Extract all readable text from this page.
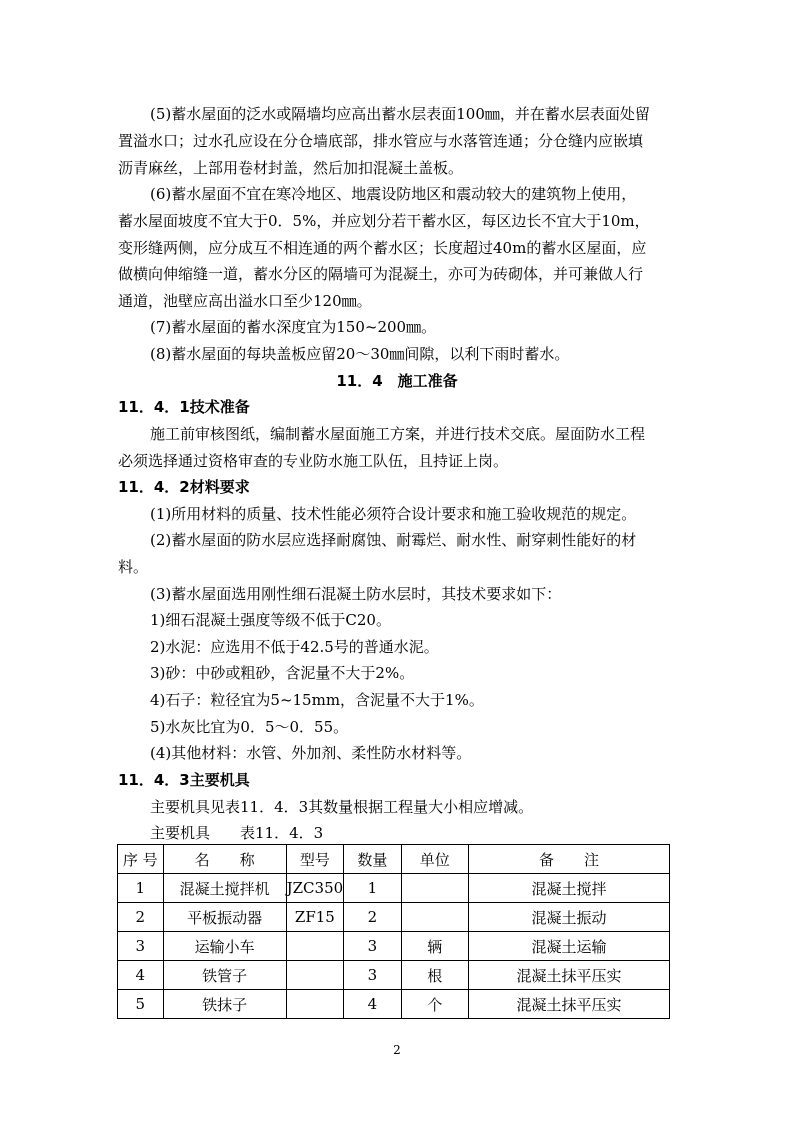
(5)蓄水屋面的泛水或隔墙均应高出蓄水层表面100㎜，并在蓄水层表面处留
置溢水口；过水孔应设在分仓墙底部，排水管应与水落管连通；分仓缝内应嵌填
沥青麻丝，上部用卷材封盖，然后加扣混凝土盖板。
(6)蓄水屋面不宜在寒冷地区、地震设防地区和震动较大的建筑物上使用，
蓄水屋面坡度不宜大于0．5%，并应划分若干蓄水区，每区边长不宜大于10m，
变形缝两侧，应分成互不相连通的两个蓄水区；长度超过40m的蓄水区屋面，应
做横向伸缩缝一道，蓄水分区的隔墙可为混凝土，亦可为砖砌体，并可兼做人行
通道，池壁应高出溢水口至少120㎜。
(7)蓄水屋面的蓄水深度宜为150~200㎜。
(8)蓄水屋面的每块盖板应留20～30㎜间隙，以利下雨时蓄水。
11．4　施工准备
11．4．1技术准备
施工前审核图纸，编制蓄水屋面施工方案，并进行技术交底。屋面防水工程
必须选择通过资格审查的专业防水施工队伍，且持证上岗。
11．4．2材料要求
(1)所用材料的质量、技术性能必须符合设计要求和施工验收规范的规定。
(2)蓄水屋面的防水层应选择耐腐蚀、耐霉烂、耐水性、耐穿刺性能好的材
料。
(3)蓄水屋面选用刚性细石混凝土防水层时，其技术要求如下：
1)细石混凝土强度等级不低于C20。
2)水泥：应选用不低于42.5号的普通水泥。
3)砂：中砂或粗砂，含泥量不大于2%。
4)石子：粒径宜为5~15mm，含泥量不大于1%。
5)水灰比宜为0．5～0．55。
(4)其他材料：水管、外加剂、柔性防水材料等。
11．4．3主要机具
主要机具见表11．4．3其数量根据工程量大小相应增减。
主要机具　　表11．4．3
序 号	名　　称	型号	数量	单位	备　　注
1	混凝土搅拌机	JZC350	1		混凝土搅拌
2	平板振动器	ZF15	2		混凝土振动
3	运输小车		3	辆	混凝土运输
4	铁管子		3	根	混凝土抹平压实
5	铁抹子		4	个	混凝土抹平压实
2
